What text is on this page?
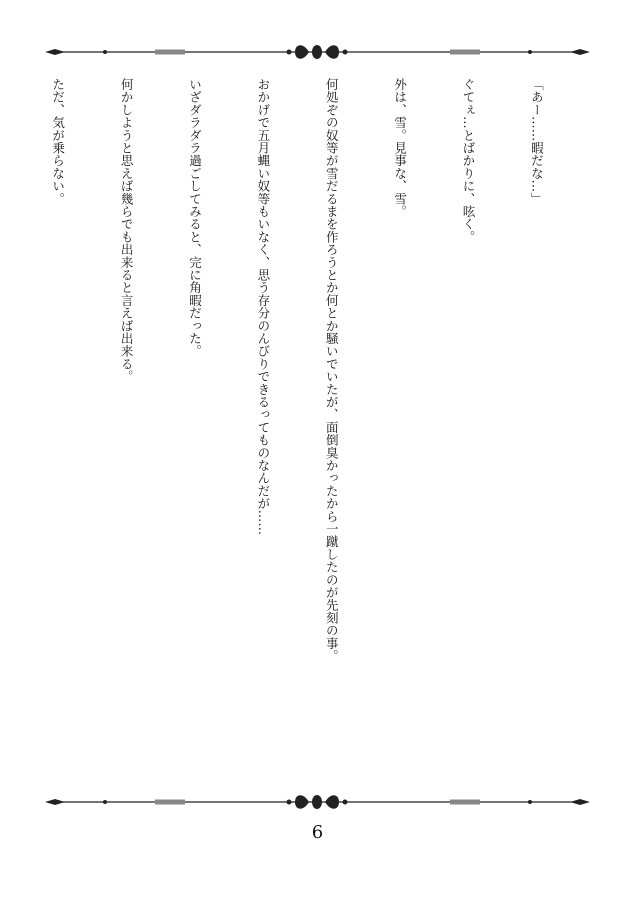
「あー……暇だな…」

ぐてぇ…とばかりに、呟く。

外は、雪。見事な、雪。

何処ぞの奴等が雪だるまを作ろうとか何とか騒いでいたが、面倒臭かったから一蹴したのが先刻の事。

おかげで五月蝿い奴等もいなく、思う存分のんびりできるってものなんだが……

いざダラダラ過ごしてみると、完に角暇だった。

何かしようと思えば幾らでも出来ると言えば出来る。

ただ、気が乗らない。

6
